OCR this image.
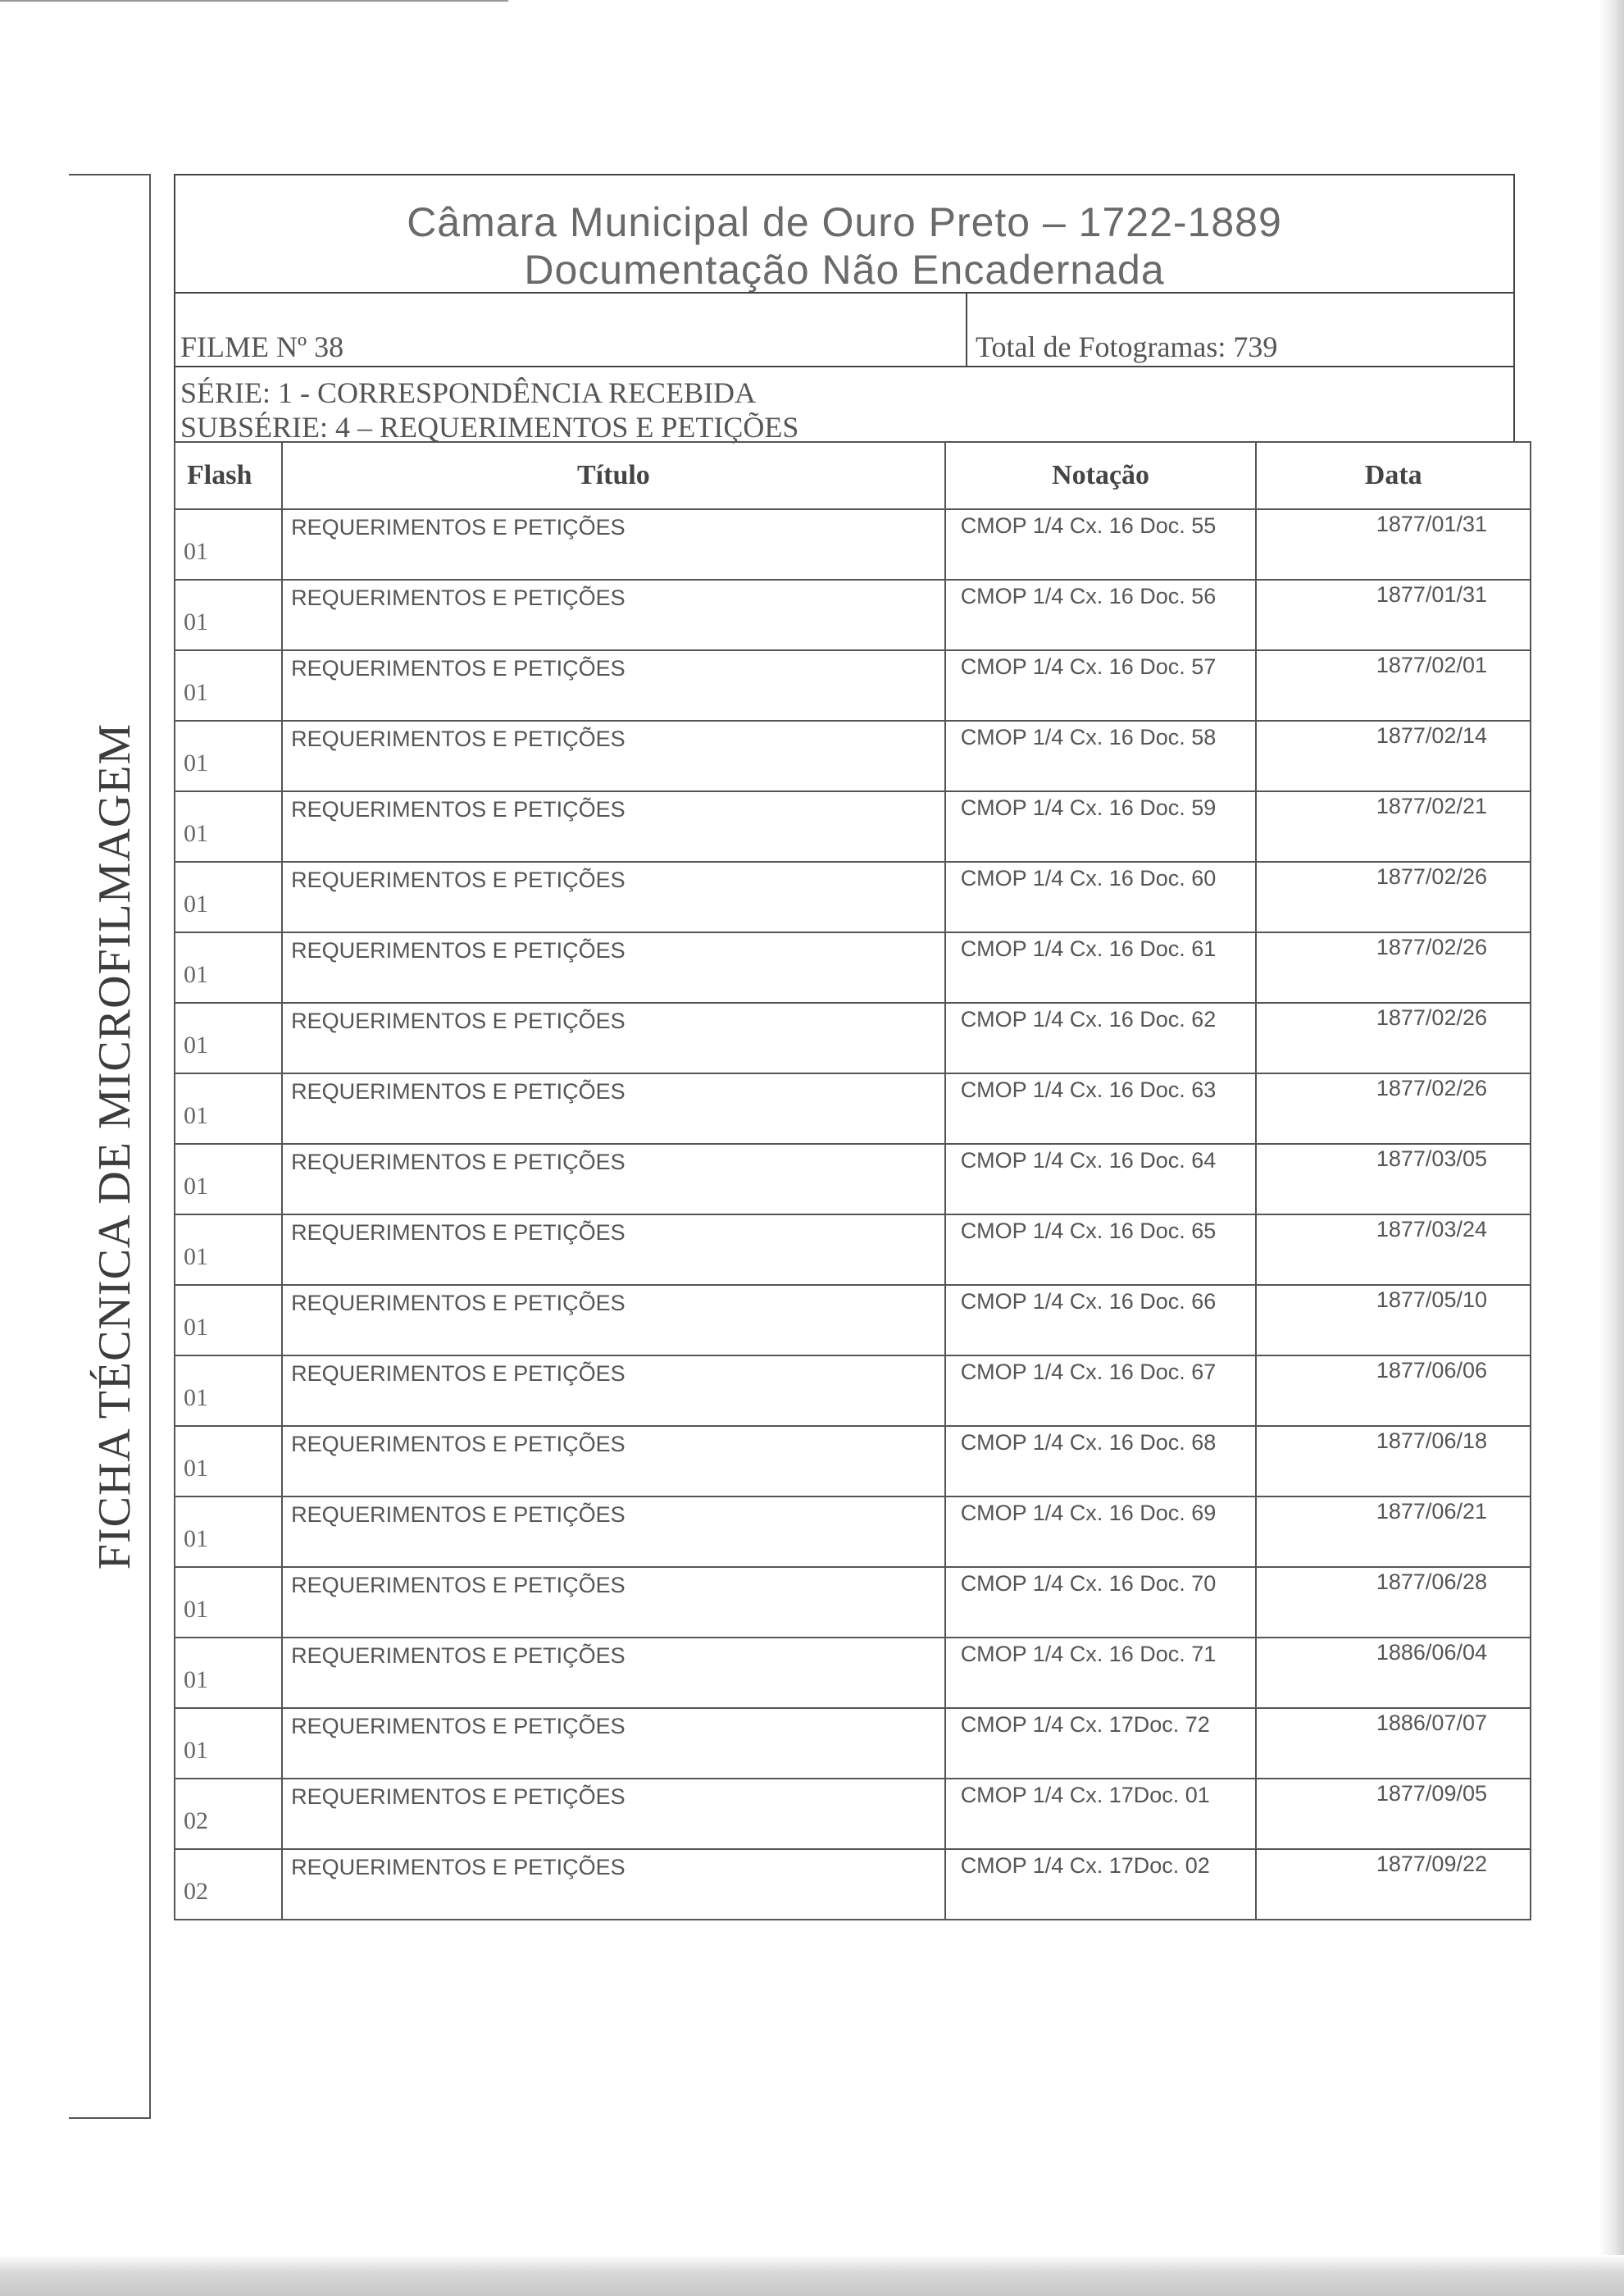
FICHA TÉCNICA DE MICROFILMAGEM
Câmara Municipal de Ouro Preto – 1722-1889
Documentação Não Encadernada
FILME Nº 38	Total de Fotogramas: 739
SÉRIE: 1 - CORRESPONDÊNCIA RECEBIDA
SUBSÉRIE: 4 – REQUERIMENTOS E PETIÇÕES
Flash	Título	Notação	Data

01	REQUERIMENTOS E PETIÇÕES	CMOP 1/4 Cx. 16 Doc. 55	1877/01/31

01	REQUERIMENTOS E PETIÇÕES	CMOP 1/4 Cx. 16 Doc. 56	1877/01/31

01	REQUERIMENTOS E PETIÇÕES	CMOP 1/4 Cx. 16 Doc. 57	1877/02/01

01	REQUERIMENTOS E PETIÇÕES	CMOP 1/4 Cx. 16 Doc. 58	1877/02/14

01	REQUERIMENTOS E PETIÇÕES	CMOP 1/4 Cx. 16 Doc. 59	1877/02/21

01	REQUERIMENTOS E PETIÇÕES	CMOP 1/4 Cx. 16 Doc. 60	1877/02/26

01	REQUERIMENTOS E PETIÇÕES	CMOP 1/4 Cx. 16 Doc. 61	1877/02/26

01	REQUERIMENTOS E PETIÇÕES	CMOP 1/4 Cx. 16 Doc. 62	1877/02/26

01	REQUERIMENTOS E PETIÇÕES	CMOP 1/4 Cx. 16 Doc. 63	1877/02/26

01	REQUERIMENTOS E PETIÇÕES	CMOP 1/4 Cx. 16 Doc. 64	1877/03/05

01	REQUERIMENTOS E PETIÇÕES	CMOP 1/4 Cx. 16 Doc. 65	1877/03/24

01	REQUERIMENTOS E PETIÇÕES	CMOP 1/4 Cx. 16 Doc. 66	1877/05/10

01	REQUERIMENTOS E PETIÇÕES	CMOP 1/4 Cx. 16 Doc. 67	1877/06/06

01	REQUERIMENTOS E PETIÇÕES	CMOP 1/4 Cx. 16 Doc. 68	1877/06/18

01	REQUERIMENTOS E PETIÇÕES	CMOP 1/4 Cx. 16 Doc. 69	1877/06/21

01	REQUERIMENTOS E PETIÇÕES	CMOP 1/4 Cx. 16 Doc. 70	1877/06/28

01	REQUERIMENTOS E PETIÇÕES	CMOP 1/4 Cx. 16 Doc. 71	1886/06/04

01	REQUERIMENTOS E PETIÇÕES	CMOP 1/4 Cx. 17Doc. 72	1886/07/07

02	REQUERIMENTOS E PETIÇÕES	CMOP 1/4 Cx. 17Doc. 01	1877/09/05

02	REQUERIMENTOS E PETIÇÕES	CMOP 1/4 Cx. 17Doc. 02	1877/09/22
